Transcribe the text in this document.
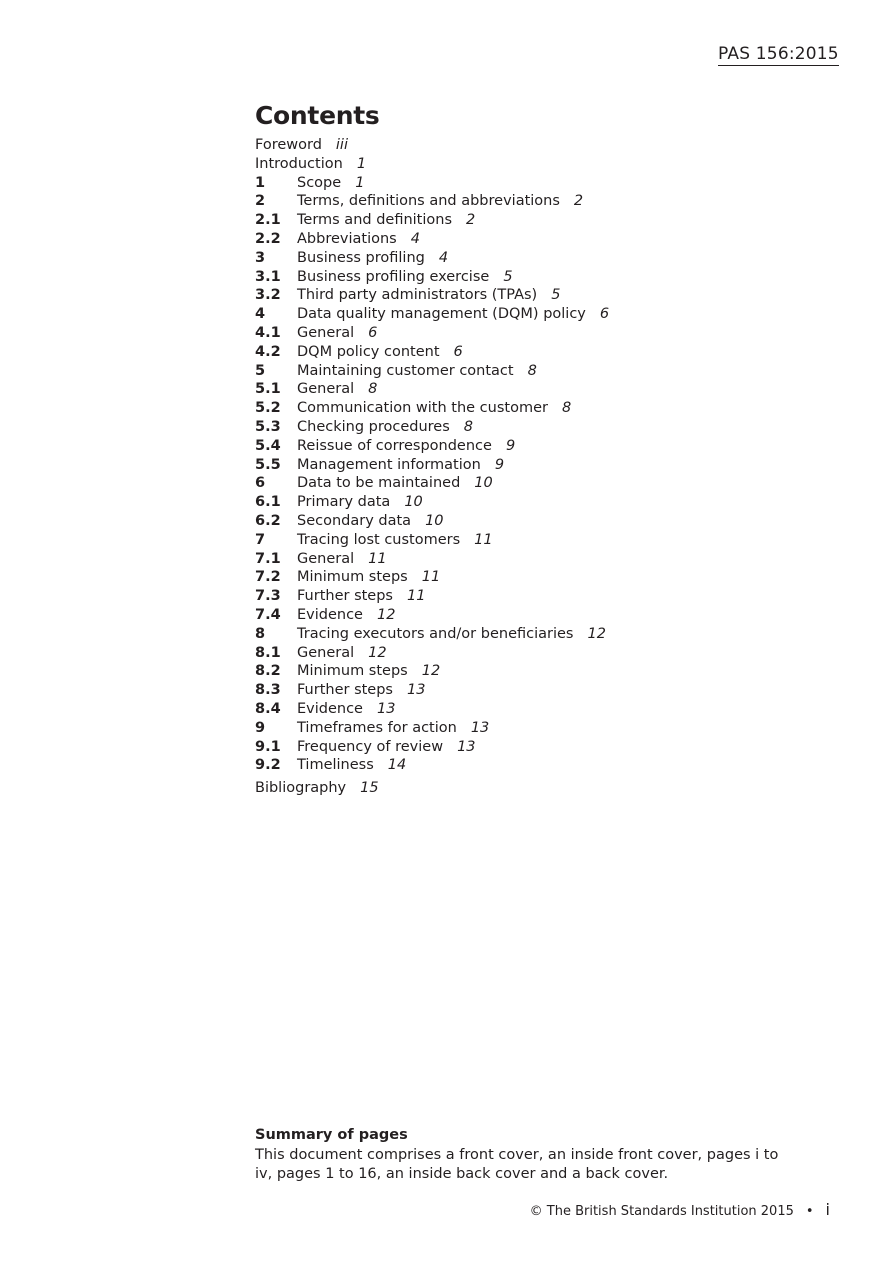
PAS 156:2015
Contents
Foreword iii
Introduction 1
1 Scope 1
2 Terms, definitions and abbreviations 2
2.1 Terms and definitions 2
2.2 Abbreviations 4
3 Business profiling 4
3.1 Business profiling exercise 5
3.2 Third party administrators (TPAs) 5
4 Data quality management (DQM) policy 6
4.1 General 6
4.2 DQM policy content 6
5 Maintaining customer contact 8
5.1 General 8
5.2 Communication with the customer 8
5.3 Checking procedures 8
5.4 Reissue of correspondence 9
5.5 Management information 9
6 Data to be maintained 10
6.1 Primary data 10
6.2 Secondary data 10
7 Tracing lost customers 11
7.1 General 11
7.2 Minimum steps 11
7.3 Further steps 11
7.4 Evidence 12
8 Tracing executors and/or beneficiaries 12
8.1 General 12
8.2 Minimum steps 12
8.3 Further steps 13
8.4 Evidence 13
9 Timeframes for action 13
9.1 Frequency of review 13
9.2 Timeliness 14
Bibliography 15
Summary of pages
This document comprises a front cover, an inside front cover, pages i to iv, pages 1 to 16, an inside back cover and a back cover.
© The British Standards Institution 2015 • i
